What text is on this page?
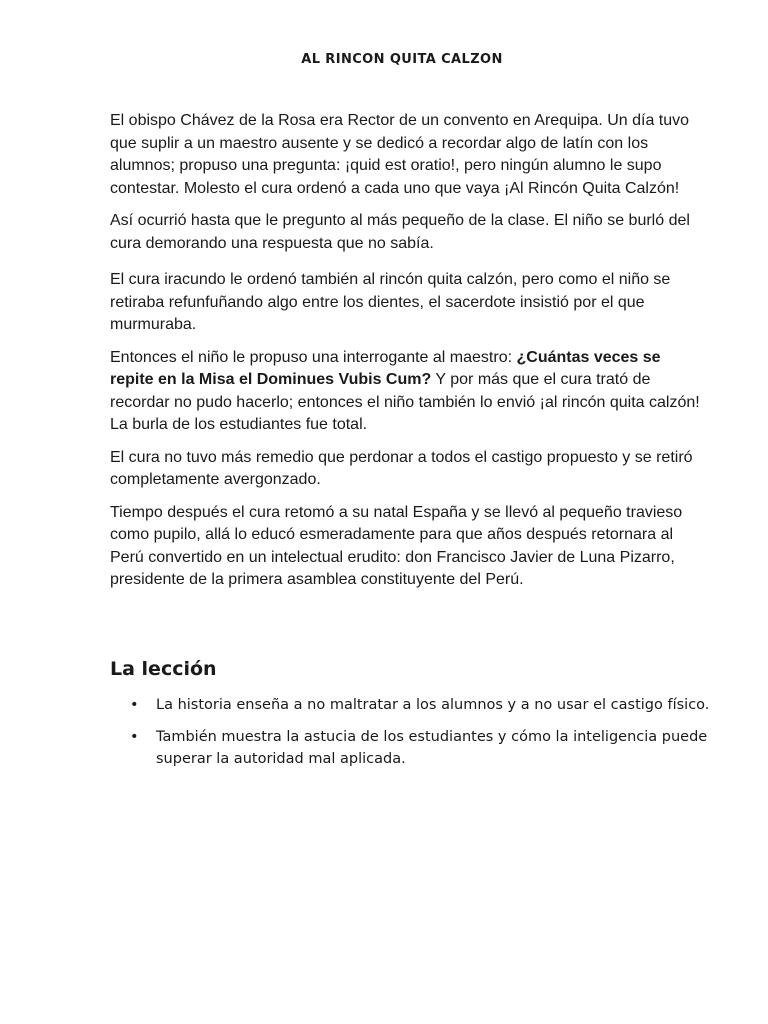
AL RINCON QUITA CALZON

El obispo Chávez de la Rosa era Rector de un convento en Arequipa. Un día tuvo que suplir a un maestro ausente y se dedicó a recordar algo de latín con los alumnos; propuso una pregunta: ¡quid est oratio!, pero ningún alumno le supo contestar. Molesto el cura ordenó a cada uno que vaya ¡Al Rincón Quita Calzón!

Así ocurrió hasta que le pregunto al más pequeño de la clase. El niño se burló del cura demorando una respuesta que no sabía.

El cura iracundo le ordenó también al rincón quita calzón, pero como el niño se retiraba refunfuñando algo entre los dientes, el sacerdote insistió por el que murmuraba.

Entonces el niño le propuso una interrogante al maestro: ¿Cuántas veces se repite en la Misa el Dominues Vubis Cum? Y por más que el cura trató de recordar no pudo hacerlo; entonces el niño también lo envió ¡al rincón quita calzón! La burla de los estudiantes fue total.

El cura no tuvo más remedio que perdonar a todos el castigo propuesto y se retiró completamente avergonzado.

Tiempo después el cura retomó a su natal España y se llevó al pequeño travieso como pupilo, allá lo educó esmeradamente para que años después retornara al Perú convertido en un intelectual erudito: don Francisco Javier de Luna Pizarro, presidente de la primera asamblea constituyente del Perú.

La lección
• La historia enseña a no maltratar a los alumnos y a no usar el castigo físico.
• También muestra la astucia de los estudiantes y cómo la inteligencia puede superar la autoridad mal aplicada.
